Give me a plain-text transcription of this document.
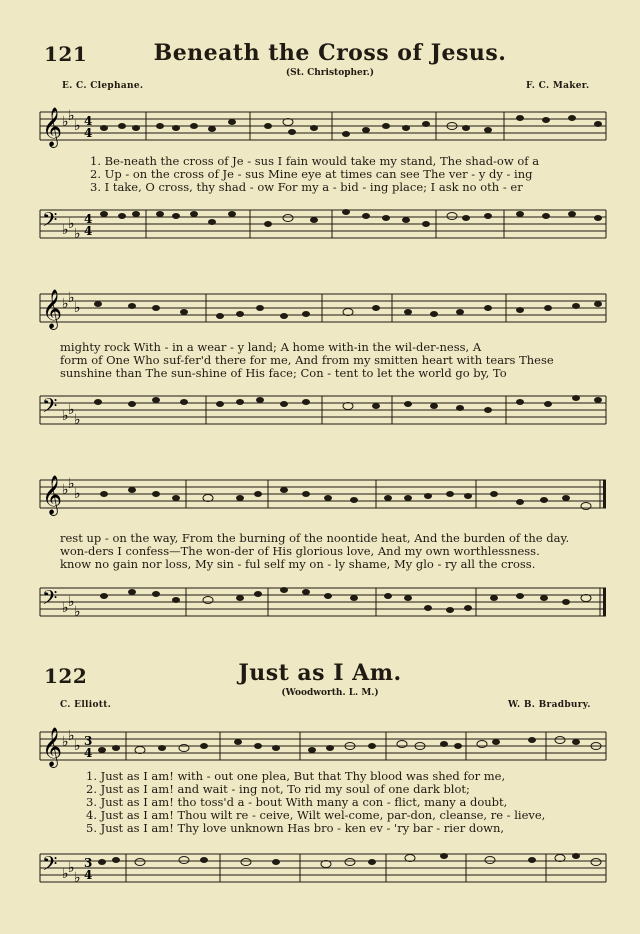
121	Beneath the Cross of Jesus.
(St. Christopher.)
E. C. Clephane.	F. C. Maker.
𝄞 ♭ ♭
♭ 4
4
1. Be-neath the cross of Je - sus I fain would take my stand, The shad-ow of a
2. Up - on the cross of Je - sus Mine eye at times can see The ver - y dy - ing
3. I take, O cross, thy shad - ow For my a - bid - ing place; I ask no oth - er
𝄢 ♭ ♭
♭
4
4
𝄞 ♭ ♭
♭
mighty rock With - in a wear - y land; A home with-in the wil-der-ness, A
form of One Who suf-fer'd there for me, And from my smitten heart with tears These
sunshine than The sun-shine of His face; Con - tent to let the world go by, To
𝄢 ♭ ♭
♭
𝄞 ♭ ♭
♭
rest up - on the way, From the burning of the noontide heat, And the burden of the day.
won-ders I confess—The won-der of His glorious love, And my own worthlessness.
know no gain nor loss, My sin - ful self my on - ly shame, My glo - ry all the cross.
𝄢 ♭ ♭
♭
122	Just as I Am.
(Woodworth. L. M.)
C. Elliott.	W. B. Bradbury.
𝄞 ♭ ♭
♭ 3
4
1. Just as I am! with - out one plea, But that Thy blood was shed for me,
2. Just as I am! and wait - ing not, To rid my soul of one dark blot;
3. Just as I am! tho toss'd a - bout With many a con - flict, many a doubt,
4. Just as I am! Thou wilt re - ceive, Wilt wel-come, par-don, cleanse, re - lieve,
5. Just as I am! Thy love unknown Has bro - ken ev - 'ry bar - rier down,
𝄢 ♭ ♭
♭
3
4
